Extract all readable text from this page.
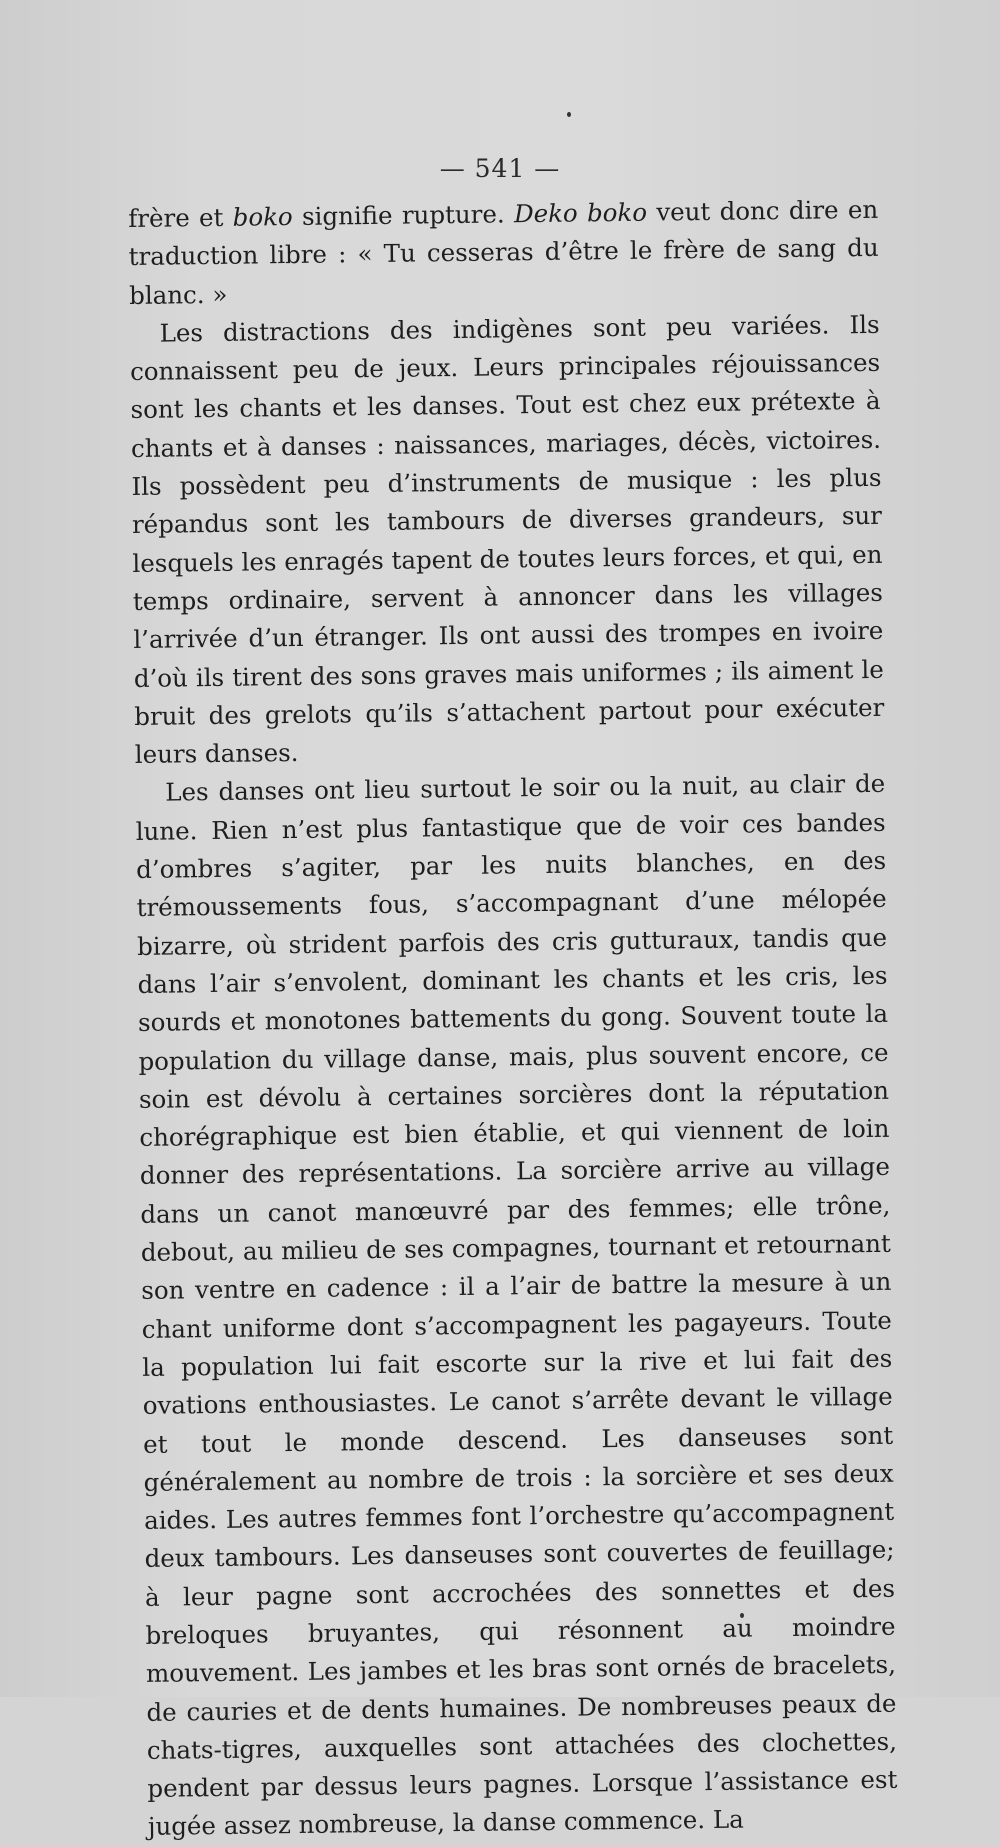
— 541 —

frère et boko signifie rupture. Deko boko veut donc dire en traduction libre : « Tu cesseras d’être le frère de sang du blanc. »

Les distractions des indigènes sont peu variées. Ils connaissent peu de jeux. Leurs principales réjouissances sont les chants et les danses. Tout est chez eux prétexte à chants et à danses : naissances, mariages, décès, victoires. Ils possèdent peu d’instruments de musique : les plus répandus sont les tambours de diverses grandeurs, sur lesquels les enragés tapent de toutes leurs forces, et qui, en temps ordinaire, servent à annoncer dans les villages l’arrivée d’un étranger. Ils ont aussi des trompes en ivoire d’où ils tirent des sons graves mais uniformes ; ils aiment le bruit des grelots qu’ils s’attachent partout pour exécuter leurs danses.

Les danses ont lieu surtout le soir ou la nuit, au clair de lune. Rien n’est plus fantastique que de voir ces bandes d’ombres s’agiter, par les nuits blanches, en des trémoussements fous, s’accompagnant d’une mélopée bizarre, où strident parfois des cris gutturaux, tandis que dans l’air s’envolent, dominant les chants et les cris, les sourds et monotones battements du gong. Souvent toute la population du village danse, mais, plus souvent encore, ce soin est dévolu à certaines sorcières dont la réputation chorégraphique est bien établie, et qui viennent de loin donner des représentations. La sorcière arrive au village dans un canot manœuvré par des femmes; elle trône, debout, au milieu de ses compagnes, tournant et retournant son ventre en cadence : il a l’air de battre la mesure à un chant uniforme dont s’accompagnent les pagayeurs. Toute la population lui fait escorte sur la rive et lui fait des ovations enthousiastes. Le canot s’arrête devant le village et tout le monde descend. Les danseuses sont généralement au nombre de trois : la sorcière et ses deux aides. Les autres femmes font l’orchestre qu’accompagnent deux tambours. Les danseuses sont couvertes de feuillage; à leur pagne sont accrochées des sonnettes et des breloques bruyantes, qui résonnent au moindre mouvement. Les jambes et les bras sont ornés de bracelets, de cauries et de dents humaines. De nombreuses peaux de chats-tigres, auxquelles sont attachées des clochettes, pendent par dessus leurs pagnes. Lorsque l’assistance est jugée assez nombreuse, la danse commence. La
